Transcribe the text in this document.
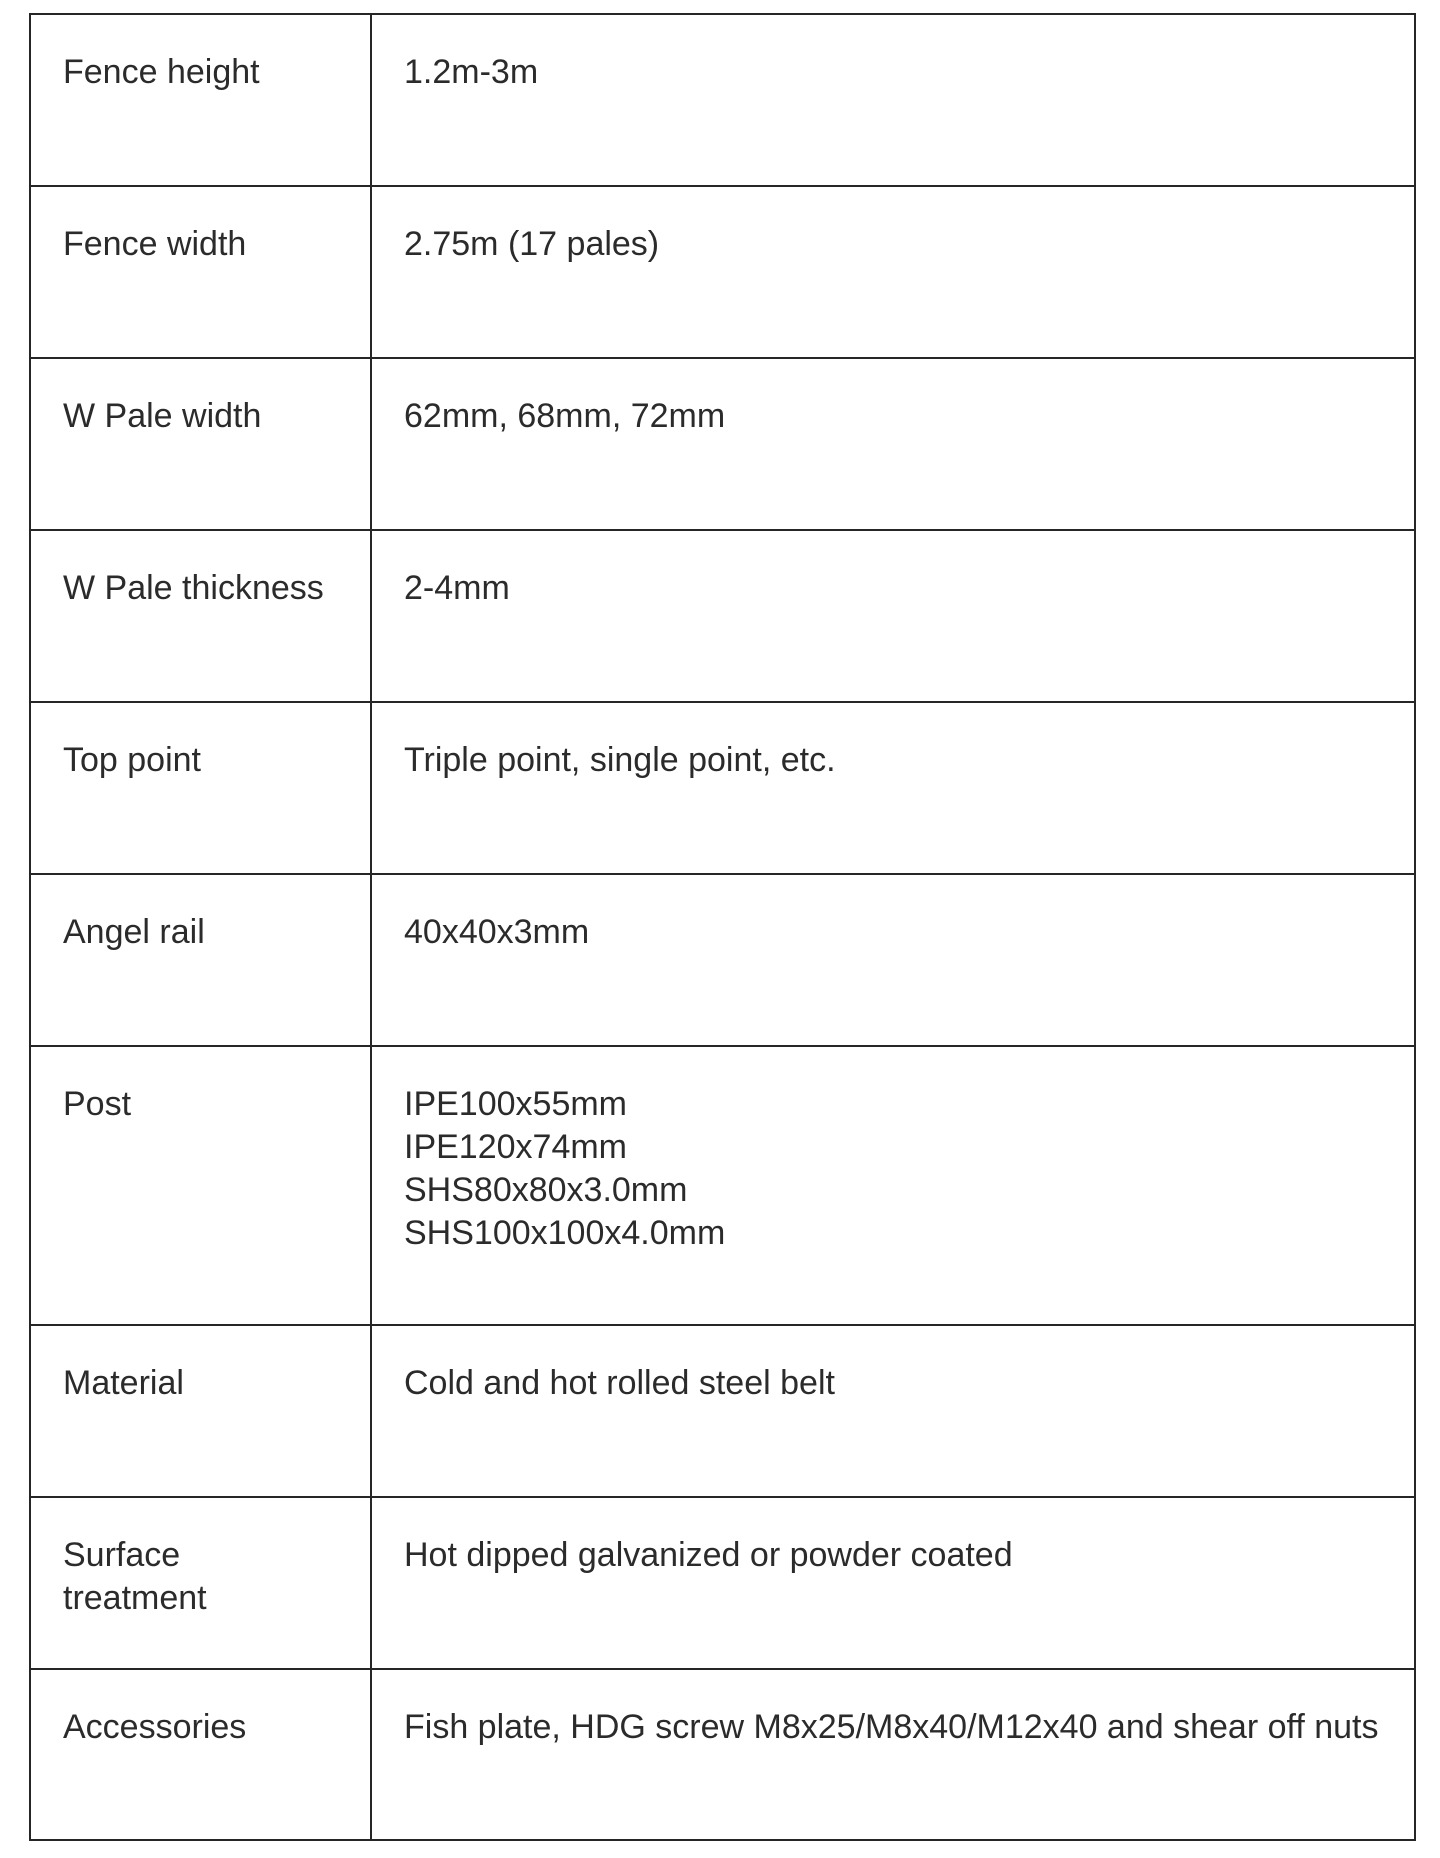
Fence height	1.2m-3m
Fence width	2.75m (17 pales)
W Pale width	62mm, 68mm, 72mm
W Pale thickness	2-4mm
Top point	Triple point, single point, etc.
Angel rail	40x40x3mm
Post	IPE100x55mm
IPE120x74mm
SHS80x80x3.0mm
SHS100x100x4.0mm

Material	Cold and hot rolled steel belt
Surface treatment	Hot dipped galvanized or powder coated
Accessories	Fish plate, HDG screw M8x25/M8x40/M12x40 and shear off nuts
